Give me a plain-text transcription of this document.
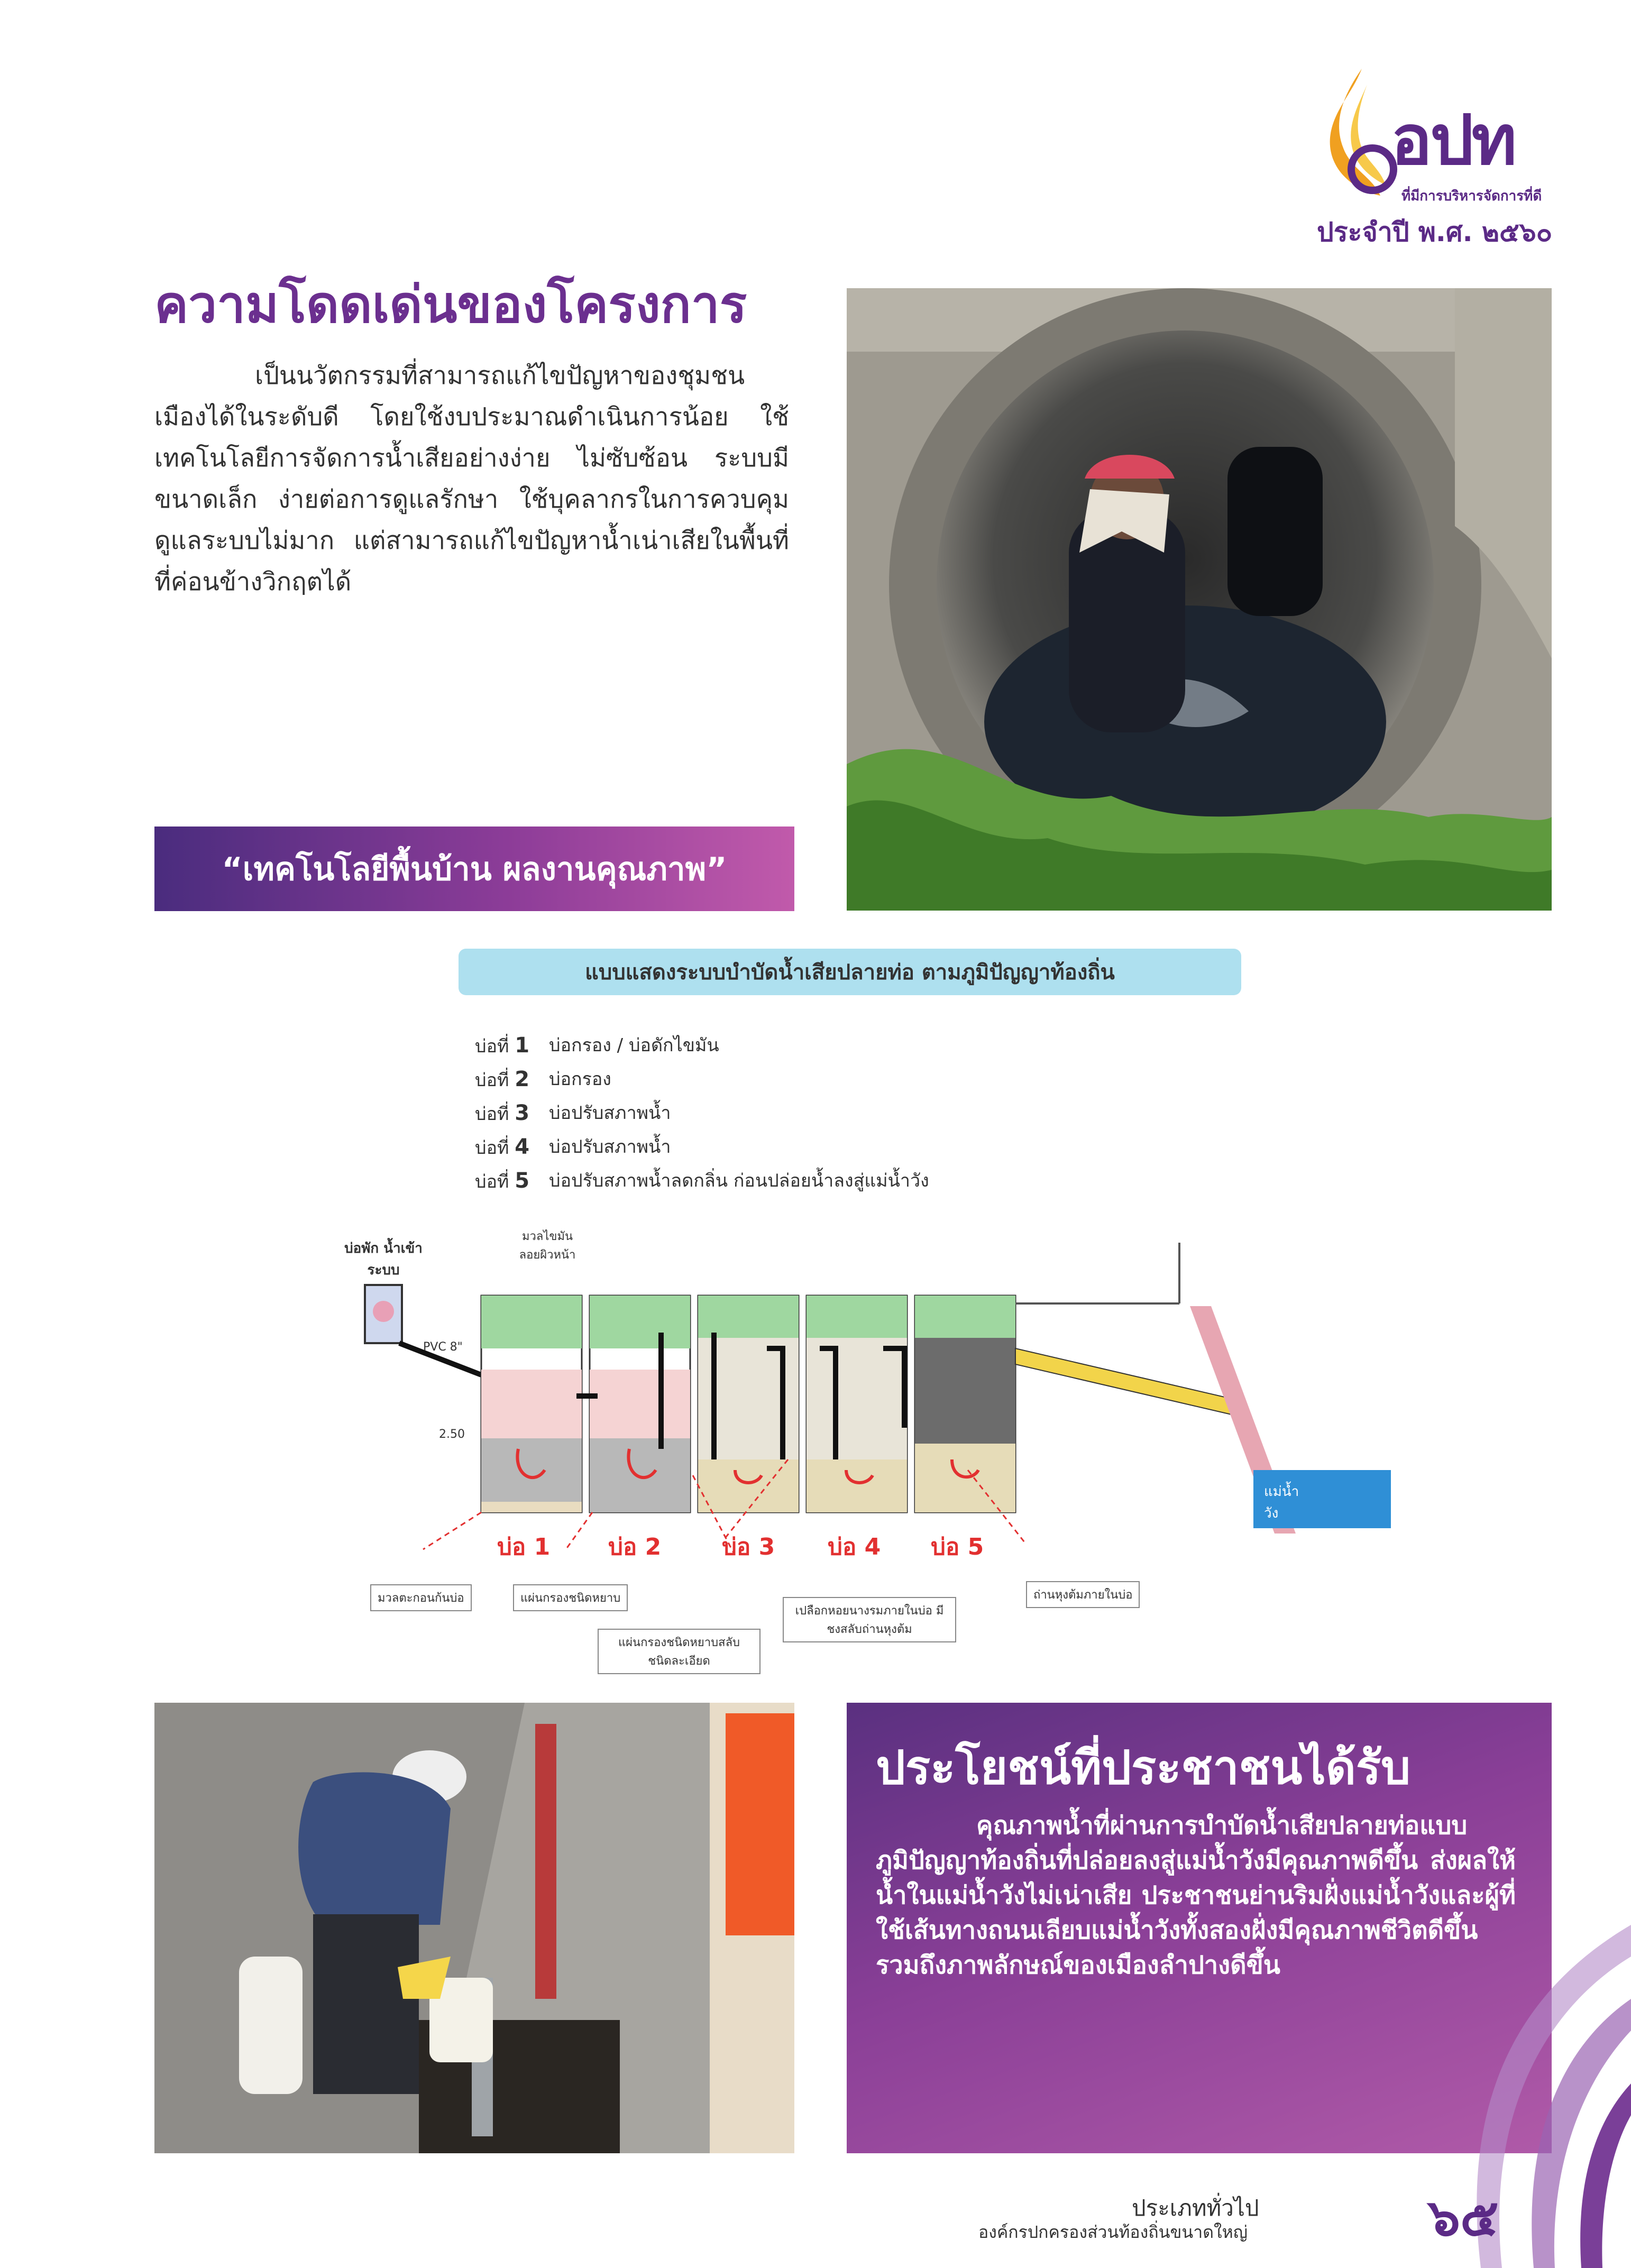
อปท
ที่มีการบริหารจัดการที่ดี
ประจำปี พ.ศ. ๒๕๖๐
ความโดดเด่นของโครงการ

เป็นนวัตกรรมที่สามารถแก้ไขปัญหาของชุมชนเมืองได้ในระดับดี โดยใช้งบประมาณดำเนินการน้อย ใช้เทคโนโลยีการจัดการน้ำเสียอย่างง่าย ไม่ซับซ้อน ระบบมีขนาดเล็ก ง่ายต่อการดูแลรักษา ใช้บุคลากรในการควบคุมดูแลระบบไม่มาก แต่สามารถแก้ไขปัญหาน้ำเน่าเสียในพื้นที่ที่ค่อนข้างวิกฤตได้

“เทคโนโลยีพื้นบ้าน ผลงานคุณภาพ”
แบบแสดงระบบบำบัดน้ำเสียปลายท่อ ตามภูมิปัญญาท้องถิ่น
บ่อที่ 1	บ่อกรอง / บ่อดักไขมัน
บ่อที่ 2	บ่อกรอง
บ่อที่ 3	บ่อปรับสภาพน้ำ
บ่อที่ 4	บ่อปรับสภาพน้ำ
บ่อที่ 5	บ่อปรับสภาพน้ำลดกลิ่น ก่อนปล่อยน้ำลงสู่แม่น้ำวัง
บ่อพัก น้ำเข้าระบบ
มวลไขมัน ลอยผิวหน้า
PVC 8"
2.50
แม่น้ำ วัง
บ่อ 1 บ่อ 2	บ่อ 3 บ่อ 4 บ่อ 5
มวลตะกอนก้นบ่อ	แผ่นกรองชนิดหยาบ
แผ่นกรองชนิดหยาบสลับ ชนิดละเอียด
เปลือกหอยนางรมภายในบ่อ มีชงสลับถ่านหุงต้ม
ถ่านหุงต้มภายในบ่อ
ประโยชน์ที่ประชาชนได้รับ

คุณภาพน้ำที่ผ่านการบำบัดน้ำเสียปลายท่อแบบภูมิปัญญาท้องถิ่นที่ปล่อยลงสู่แม่น้ำวังมีคุณภาพดีขึ้น ส่งผลให้น้ำในแม่น้ำวังไม่เน่าเสีย ประชาชนย่านริมฝั่งแม่น้ำวังและผู้ที่ใช้เส้นทางถนนเลียบแม่น้ำวังทั้งสองฝั่งมีคุณภาพชีวิตดีขึ้น รวมถึงภาพลักษณ์ของเมืองลำปางดีขึ้น

ประเภททั่วไป
องค์กรปกครองส่วนท้องถิ่นขนาดใหญ่	๖๕
